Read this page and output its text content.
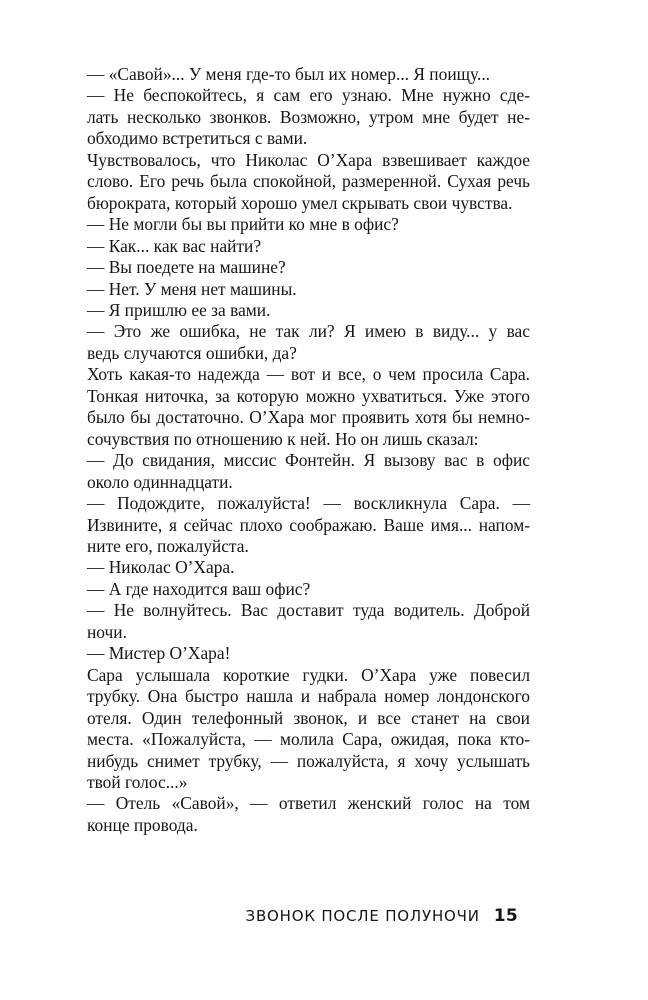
— «Савой»... У меня где-то был их номер... Я поищу...

— Не беспокойтесь, я сам его узнаю. Мне нужно сде-
лать несколько звонков. Возможно, утром мне будет не-
обходимо встретиться с вами.

Чувствовалось, что Николас О’Хара взвешивает каждое
слово. Его речь была спокойной, размеренной. Сухая речь
бюрократа, который хорошо умел скрывать свои чувства.

— Не могли бы вы прийти ко мне в офис?

— Как... как вас найти?

— Вы поедете на машине?

— Нет. У меня нет машины.

— Я пришлю ее за вами.

— Это же ошибка, не так ли? Я имею в виду... у вас
ведь случаются ошибки, да?

Хоть какая-то надежда — вот и все, о чем просила Сара.
Тонкая ниточка, за которую можно ухватиться. Уже этого
было бы достаточно. О’Хара мог проявить хотя бы немно-
сочувствия по отношению к ней. Но он лишь сказал:

— До свидания, миссис Фонтейн. Я вызову вас в офис
около одиннадцати.

— Подождите, пожалуйста! — воскликнула Сара. —
Извините, я сейчас плохо соображаю. Ваше имя... напом-
ните его, пожалуйста.

— Николас О’Хара.

— А где находится ваш офис?

— Не волнуйтесь. Вас доставит туда водитель. Доброй
ночи.

— Мистер О’Хара!

Сара услышала короткие гудки. О’Хара уже повесил
трубку. Она быстро нашла и набрала номер лондонского
отеля. Один телефонный звонок, и все станет на свои
места. «Пожалуйста, — молила Сара, ожидая, пока кто-
нибудь снимет трубку, — пожалуйста, я хочу услышать
твой голос...»

— Отель «Савой», — ответил женский голос на том
конце провода.

ЗВОНОК ПОСЛЕ ПОЛУНОЧИ 15
